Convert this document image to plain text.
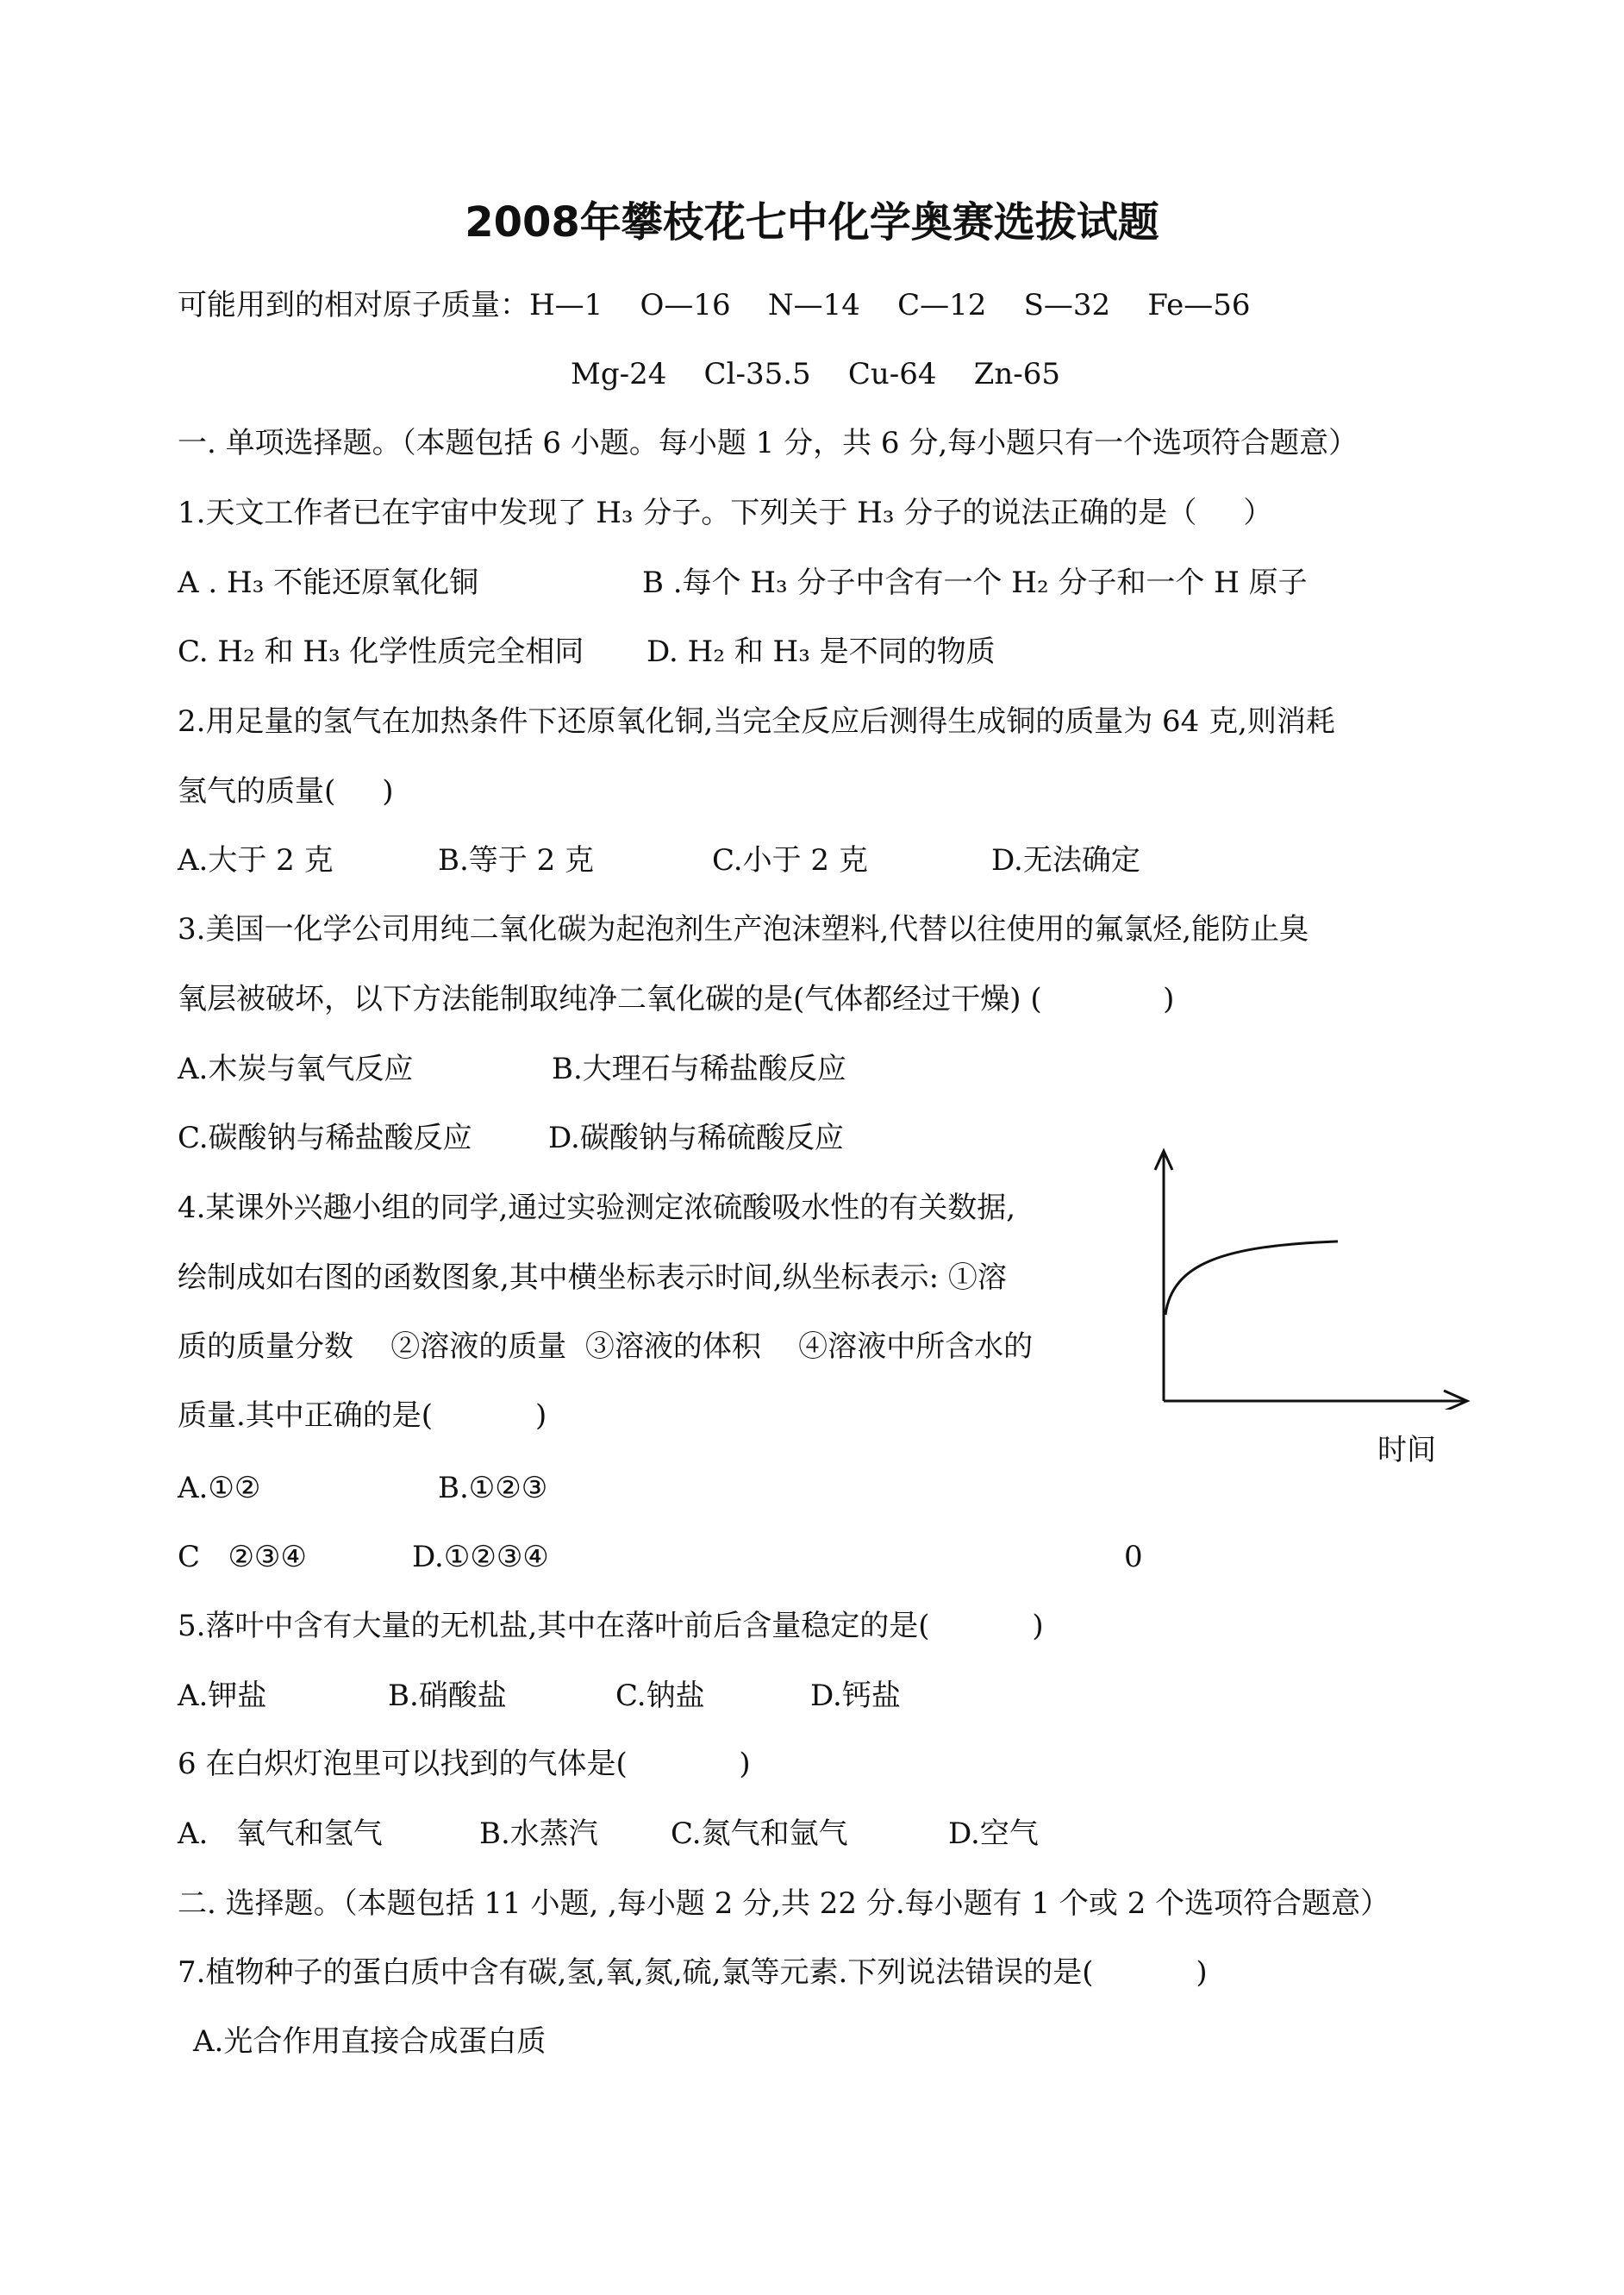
2008年攀枝花七中化学奥赛选拔试题
可能用到的相对原子质量：H—1    O—16    N—14    C—12    S—32    Fe—56
Mg-24    Cl-35.5    Cu-64    Zn-65
一. 单项选择题。（本题包括 6 小题。每小题 1 分，共 6 分,每小题只有一个选项符合题意）
1.天文工作者已在宇宙中发现了 H₃ 分子。下列关于 H₃ 分子的说法正确的是（     ）
A . H₃ 不能还原氧化铜	B .每个 H₃ 分子中含有一个 H₂ 分子和一个 H 原子
C. H₂ 和 H₃ 化学性质完全相同 D. H₂ 和 H₃ 是不同的物质
2.用足量的氢气在加热条件下还原氧化铜,当完全反应后测得生成铜的质量为 64 克,则消耗
氢气的质量(     )
A.大于 2 克	B.等于 2 克	C.小于 2 克	D.无法确定
3.美国一化学公司用纯二氧化碳为起泡剂生产泡沫塑料,代替以往使用的氟氯烃,能防止臭
氧层被破坏，以下方法能制取纯净二氧化碳的是(气体都经过干燥) (             )
A.木炭与氧气反应	B.大理石与稀盐酸反应
C.碳酸钠与稀盐酸反应	D.碳酸钠与稀硫酸反应
4.某课外兴趣小组的同学,通过实验测定浓硫酸吸水性的有关数据,
绘制成如右图的函数图象,其中横坐标表示时间,纵坐标表示: ①溶
质的质量分数    ②溶液的质量  ③溶液的体积    ④溶液中所含水的
质量.其中正确的是(           )
A.①②	B.①②③
C   ②③④	D.①②③④
时间
0
5.落叶中含有大量的无机盐,其中在落叶前后含量稳定的是(           )
A.钾盐	B.硝酸盐	C.钠盐	D.钙盐
6 在白炽灯泡里可以找到的气体是(            )
A.   氧气和氢气	B.水蒸汽 C.氮气和氩气	D.空气
二. 选择题。（本题包括 11 小题, ,每小题 2 分,共 22 分.每小题有 1 个或 2 个选项符合题意）
7.植物种子的蛋白质中含有碳,氢,氧,氮,硫,氯等元素.下列说法错误的是(           )
A.光合作用直接合成蛋白质
